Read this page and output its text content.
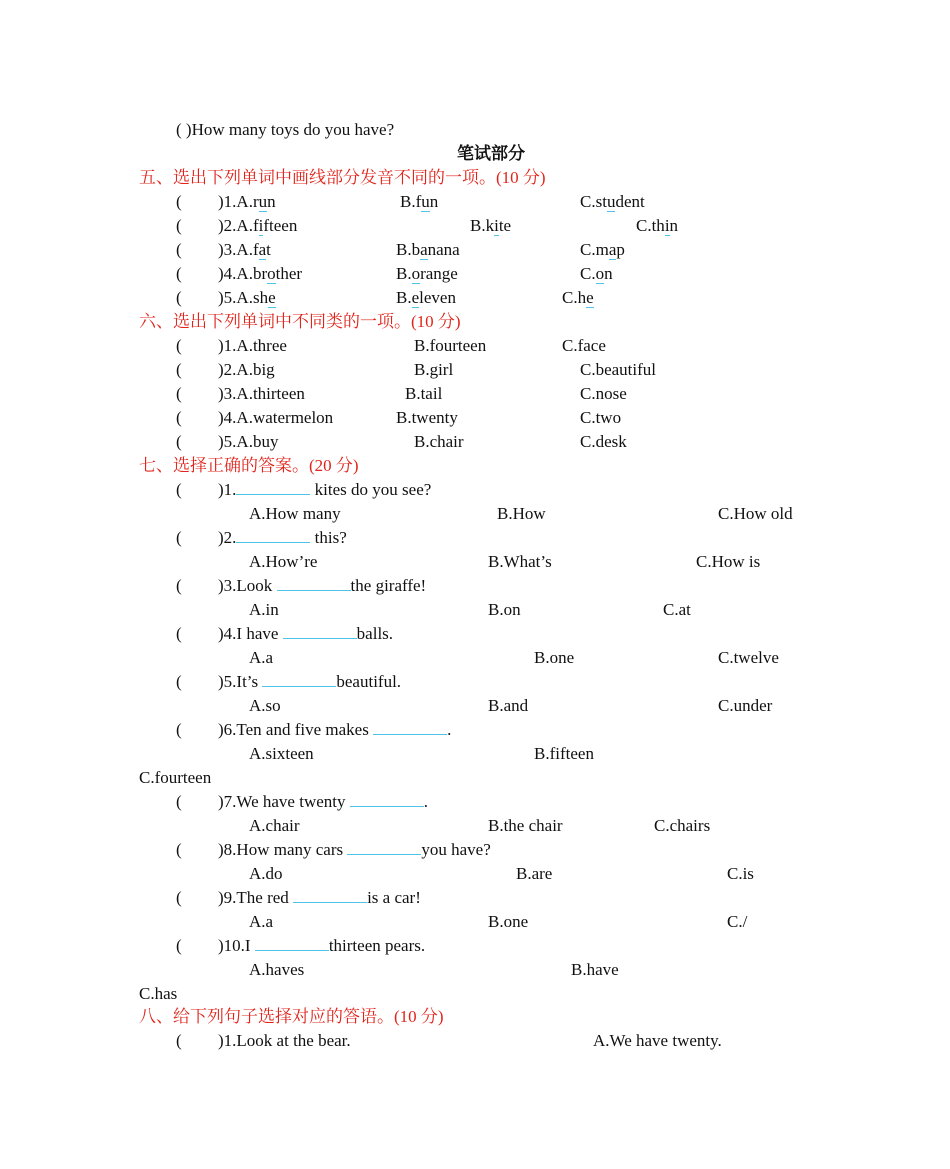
( )How many toys do you have?
笔试部分
五、选出下列单词中画线部分发音不同的一项。(10 分)
( )1.A.run	B.fun	C.student
( )2.A.fifteen	B.kite	C.thin
( )3.A.fat	B.banana	C.map
( )4.A.brother	B.orange	C.on
( )5.A.she	B.eleven	C.he
六、选出下列单词中不同类的一项。(10 分)
( )1.A.three	B.fourteen	C.face
( )2.A.big	B.girl	C.beautiful
( )3.A.thirteen	B.tail	C.nose
( )4.A.watermelon	B.twenty	C.two
( )5.A.buy	B.chair	C.desk
七、选择正确的答案。(20 分)
( )1.	kites do you see?
A.How many	B.How	C.How old
( )2.	this?
A.How’re	B.What’s	C.How is
( )3.Look	the giraffe!
A.in	B.on	C.at
( )4.I have	balls.
A.a	B.one	C.twelve
( )5.It’s	beautiful.
A.so	B.and	C.under
( )6.Ten and five makes	.
A.sixteen	B.fifteen
C.fourteen
( )7.We have twenty	.
A.chair	B.the chair	C.chairs
( )8.How many cars	you have?
A.do	B.are	C.is
( )9.The red	is a car!
A.a	B.one	C./
( )10.I	thirteen pears.
A.haves	B.have
C.has
八、给下列句子选择对应的答语。(10 分)
( )1.Look at the bear.	A.We have twenty.
